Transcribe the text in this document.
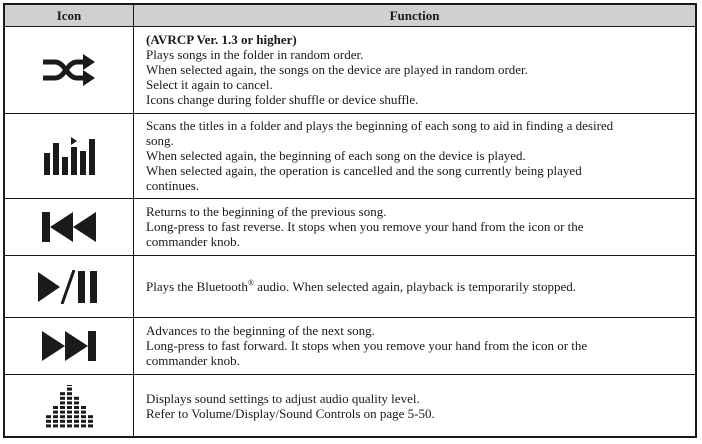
Icon	Function
(AVRCP Ver. 1.3 or higher)
Plays songs in the folder in random order.
When selected again, the songs on the device are played in random order.
Select it again to cancel.
Icons change during folder shuffle or device shuffle.
Scans the titles in a folder and plays the beginning of each song to aid in finding a desired
song.
When selected again, the beginning of each song on the device is played.
When selected again, the operation is cancelled and the song currently being played
continues.
Returns to the beginning of the previous song.
Long-press to fast reverse. It stops when you remove your hand from the icon or the
commander knob.
Plays the Bluetooth® audio. When selected again, playback is temporarily stopped.
Advances to the beginning of the next song.
Long-press to fast forward. It stops when you remove your hand from the icon or the
commander knob.
Displays sound settings to adjust audio quality level.
Refer to Volume/Display/Sound Controls on page 5-50.
